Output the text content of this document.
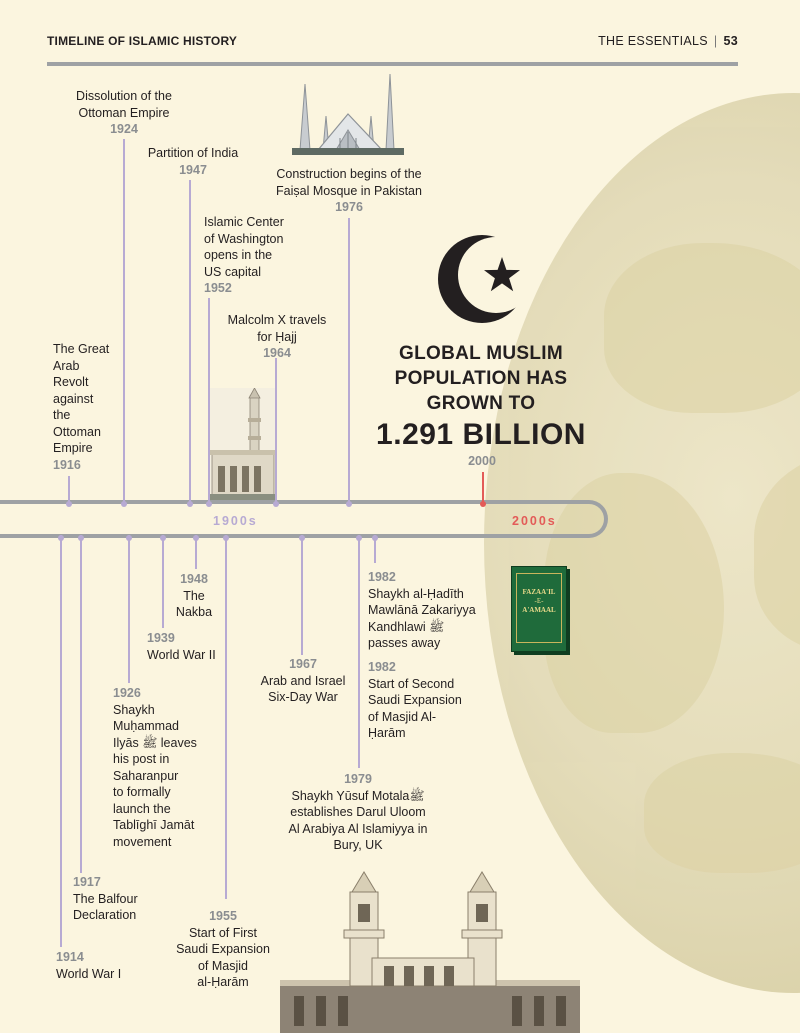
TIMELINE OF ISLAMIC HISTORY	THE ESSENTIALS | 53
GLOBAL MUSLIM
POPULATION HAS
GROWN TO
1.291 BILLION
2000
1900s	2000s
Dissolution of the
Ottoman Empire
1924
Partition of India
1947
Islamic Center
of Washington
opens in the
US capital
1952
Malcolm X travels
for Ḥajj
1964
Construction begins of the
Faiṣal Mosque in Pakistan
1976
The Great
Arab
Revolt
against
the
Ottoman
Empire
1916
1948
The
Nakba
1939
World War II
1926
Shaykh
Muḥammad
Ilyās ﷺ leaves
his post in
Saharanpur
to formally
launch the
Tablīghī Jamāt
movement
1967
Arab and Israel
Six-Day War
1982
Shaykh al-Ḥadīth
Mawlānā Zakariyya
Kandhlawi ﷺ
passes away
1982
Start of Second
Saudi Expansion
of Masjid Al-
Ḥarām
1979
Shaykh Yūsuf Motalaﷺ
establishes Darul Uloom
Al Arabiya Al Islamiyya in
Bury, UK
1917
The Balfour
Declaration	1955
Start of First
Saudi Expansion
of Masjid
al-Ḥarām
1914
World War I
FAZAA'IL
-E-
A'AMAAL
